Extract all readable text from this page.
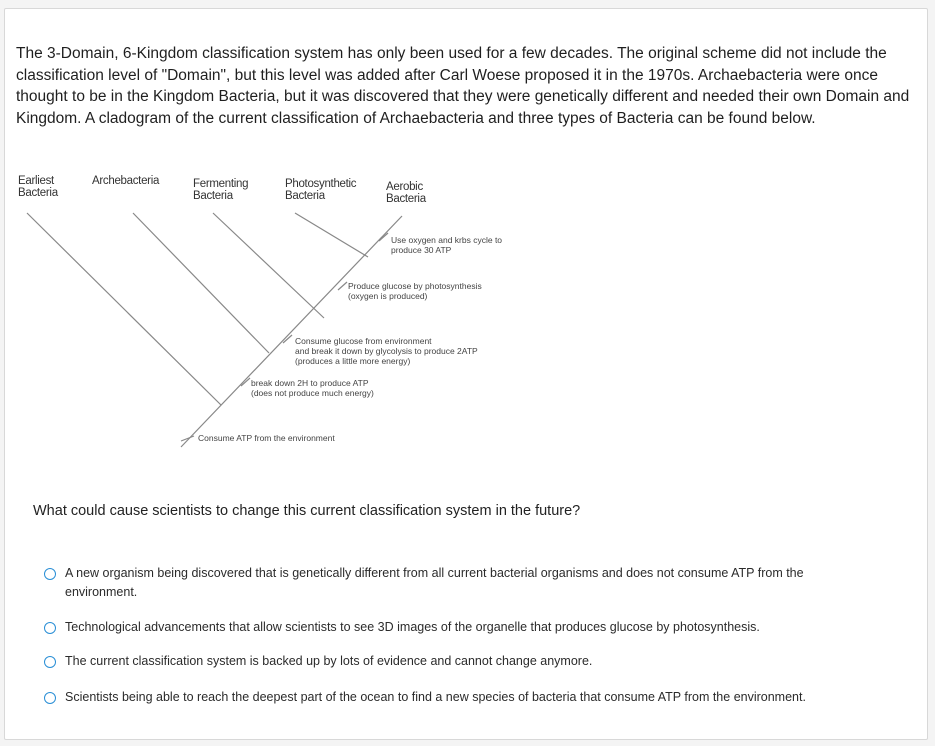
The 3-Domain, 6-Kingdom classification system has only been used for a few decades. The original scheme did not include the classification level of "Domain", but this level was added after Carl Woese proposed it in the 1970s. Archaebacteria were once thought to be in the Kingdom Bacteria, but it was discovered that they were genetically different and needed their own Domain and Kingdom. A cladogram of the current classification of Archaebacteria and three types of Bacteria can be found below.
Earliest
Bacteria
Archebacteria	Fermenting
Bacteria
Photosynthetic
Bacteria
Aerobic
Bacteria
Use oxygen and krbs cycle to
produce 30 ATP
Produce glucose by photosynthesis
(oxygen is produced)
Consume glucose from environment
and break it down by glycolysis to produce 2ATP
(produces a little more energy)
break down 2H to produce ATP
(does not produce much energy)
Consume ATP from the environment
What could cause scientists to change this current classification system in the future?
A new organism being discovered that is genetically different from all current bacterial organisms and does not consume ATP from the environment.
Technological advancements that allow scientists to see 3D images of the organelle that produces glucose by photosynthesis.
The current classification system is backed up by lots of evidence and cannot change anymore.
Scientists being able to reach the deepest part of the ocean to find a new species of bacteria that consume ATP from the environment.
